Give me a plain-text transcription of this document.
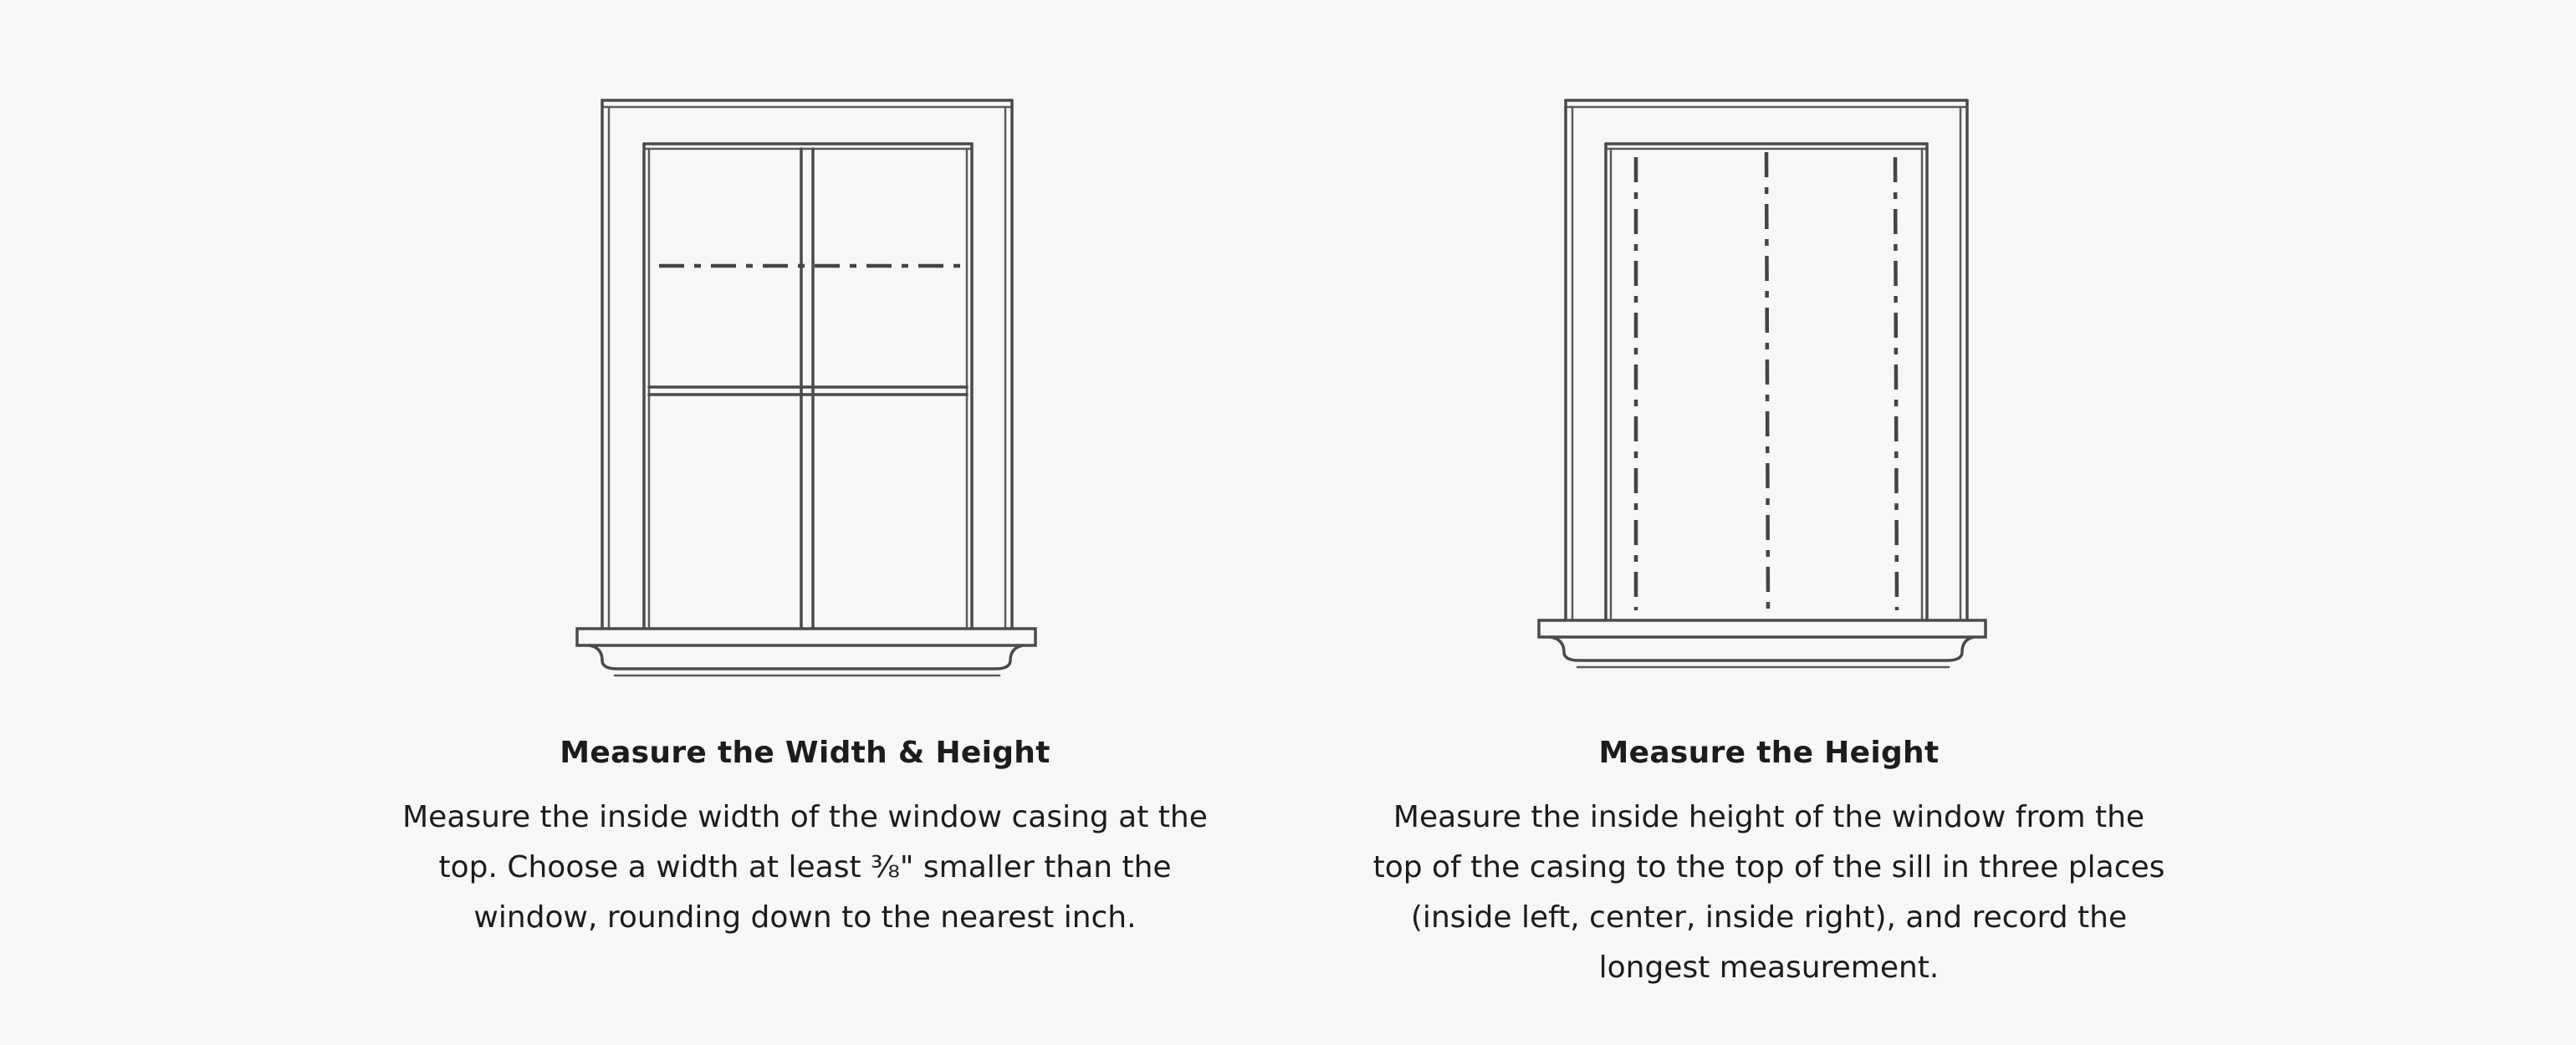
Measure the Width & Height

Measure the inside width of the window casing at the top. Choose a width at least ⅜" smaller than the window, rounding down to the nearest inch.

Measure the Height

Measure the inside height of the window from the top of the casing to the top of the sill in three places (inside left, center, inside right), and record the longest measurement.
